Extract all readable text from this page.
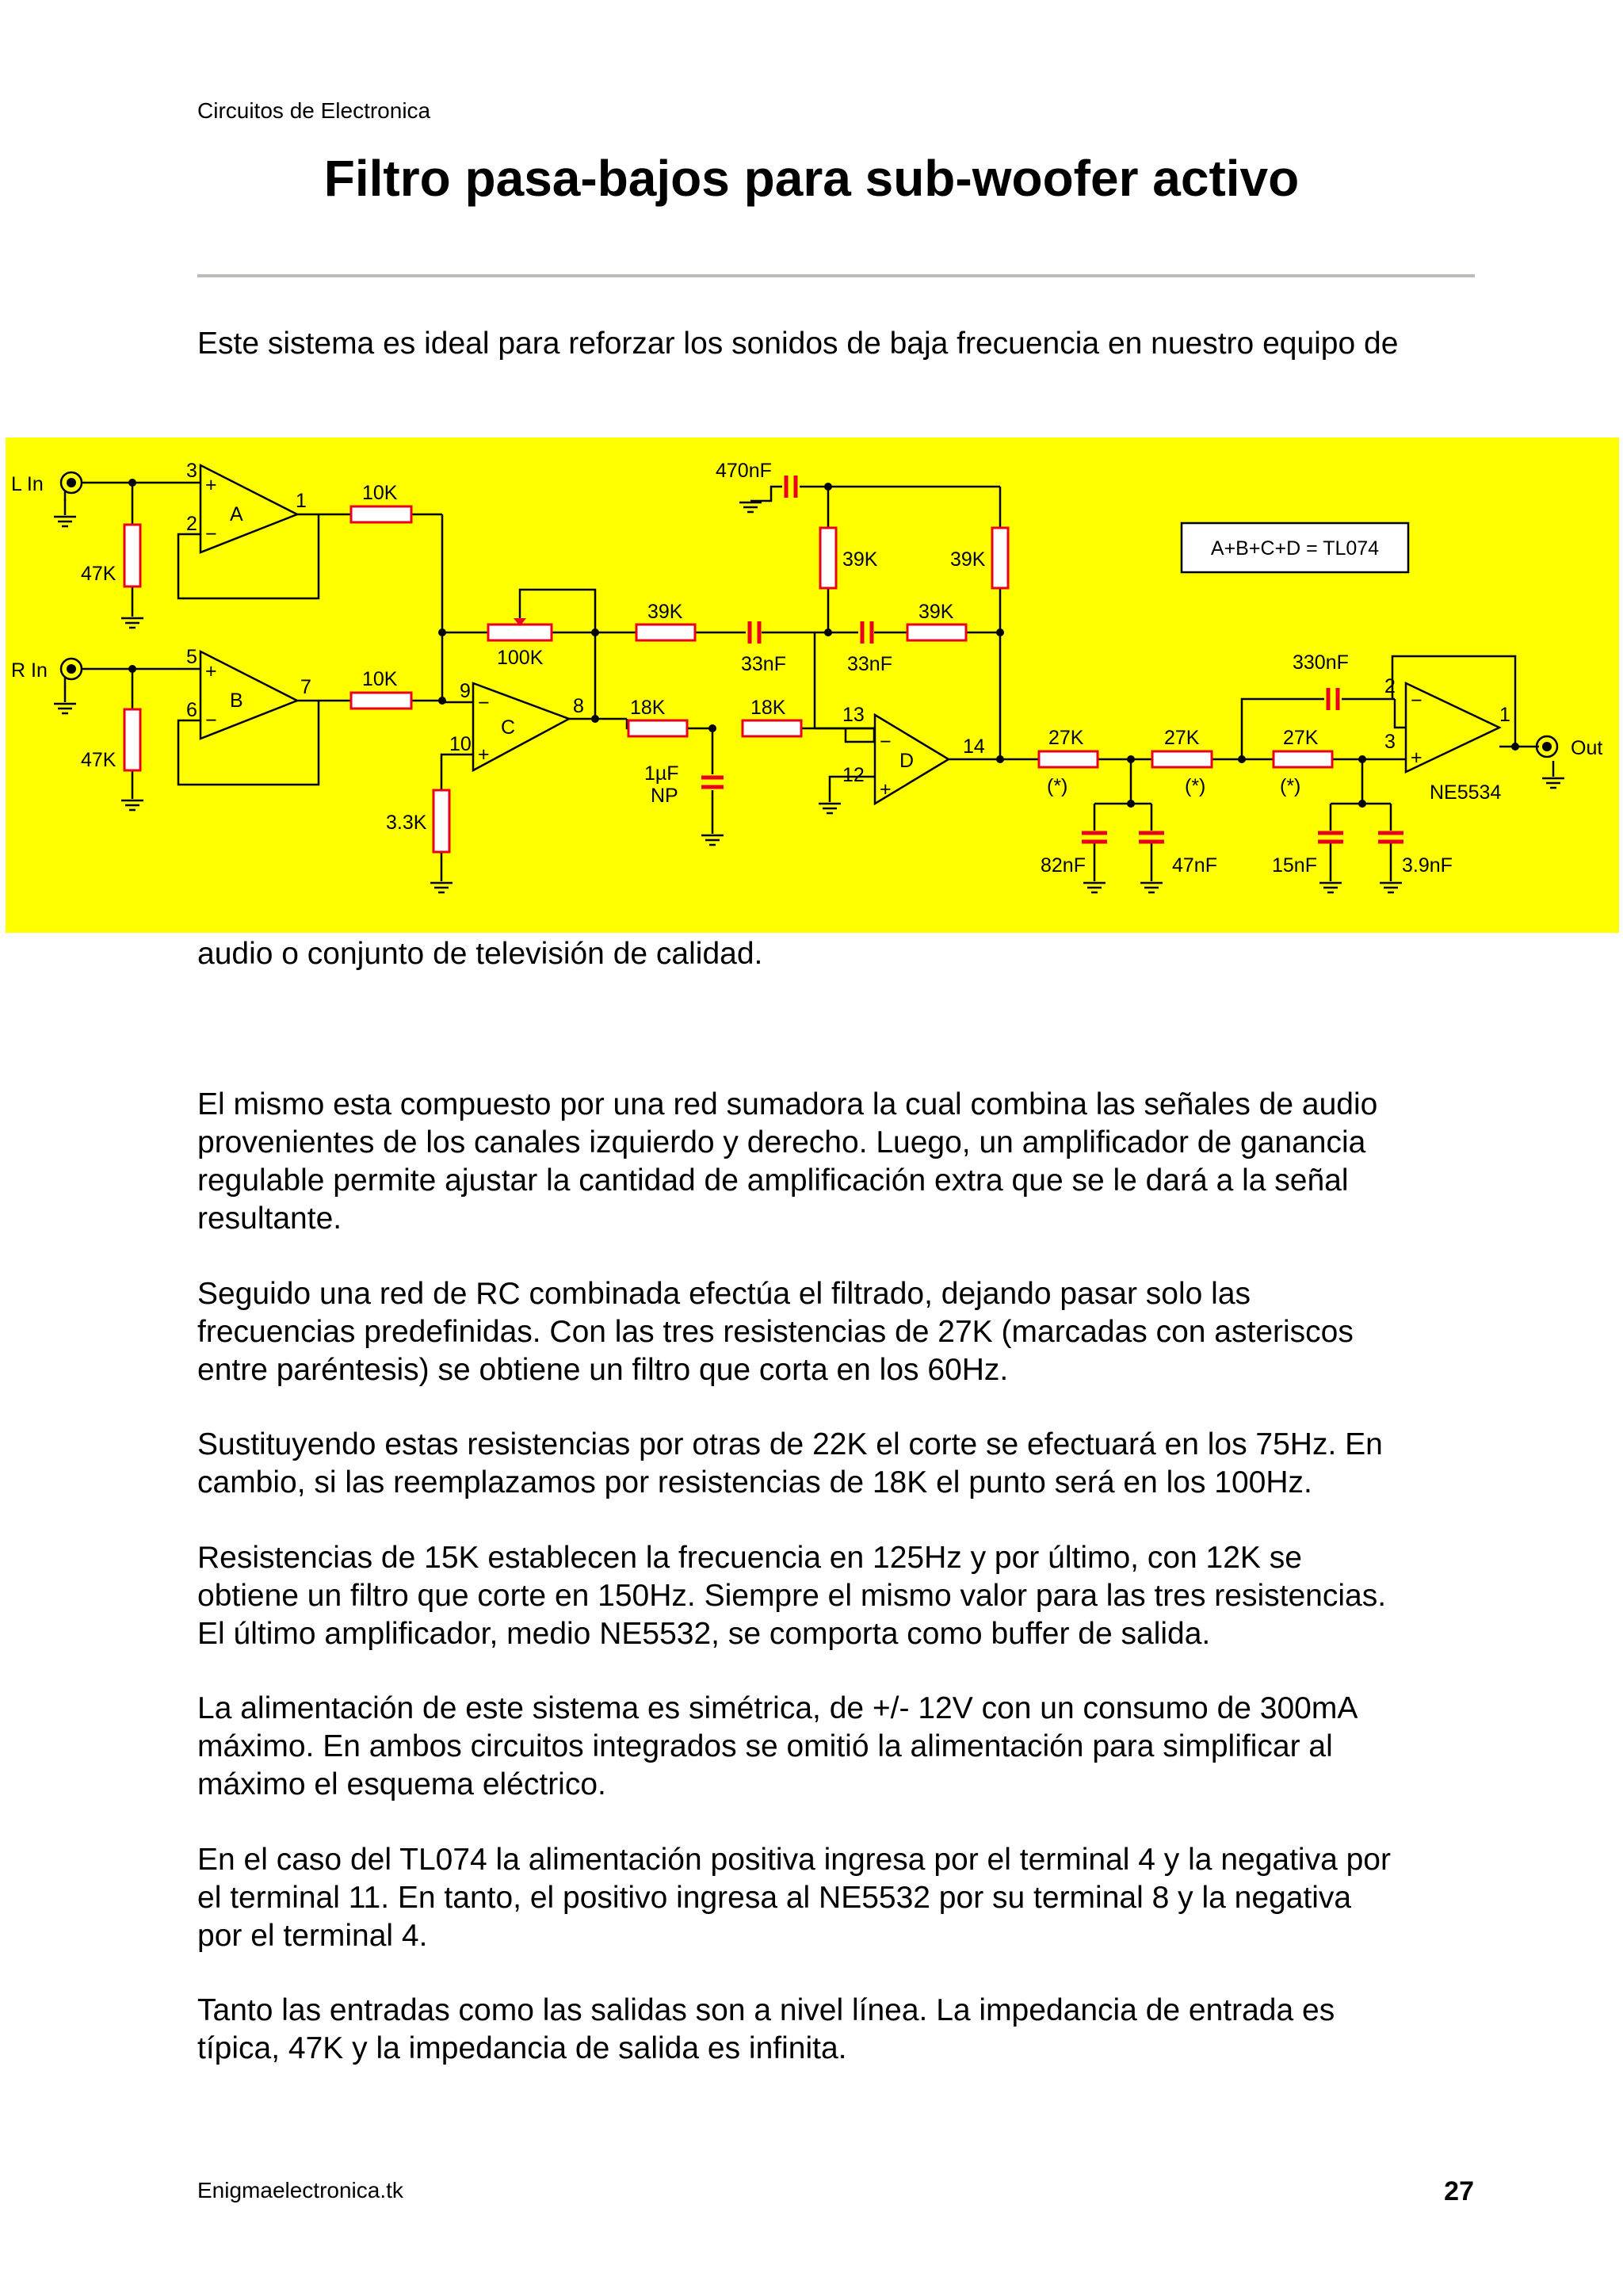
Circuitos de Electronica
Filtro pasa-bajos para sub-woofer activo

Este sistema es ideal para reforzar los sonidos de baja frecuencia en nuestro equipo de

A+B+C+D = TL074
L In
R In
Out
A
B
C
D
NE5534
+
−
+
−
−
+
−
+
−
+
3
2
1
5
6
7	9
10
8	13
12
14
2
3
1
47K
47K
10K
10K
100K
3.3K
39K	39K
39K	39K
18K	18K
27K	27K	27K
(*)	(*)	(*)
470nF
33nF	33nF
1µF
NP
330nF
82nF	47nF	15nF	3.9nF

audio o conjunto de televisión de calidad.

El mismo esta compuesto por una red sumadora la cual combina las señales de audio
provenientes de los canales izquierdo y derecho. Luego, un amplificador de ganancia
regulable permite ajustar la cantidad de amplificación extra que se le dará a la señal
resultante.

Seguido una red de RC combinada efectúa el filtrado, dejando pasar solo las
frecuencias predefinidas. Con las tres resistencias de 27K (marcadas con asteriscos
entre paréntesis) se obtiene un filtro que corta en los 60Hz.

Sustituyendo estas resistencias por otras de 22K el corte se efectuará en los 75Hz. En
cambio, si las reemplazamos por resistencias de 18K el punto será en los 100Hz.

Resistencias de 15K establecen la frecuencia en 125Hz y por último, con 12K se
obtiene un filtro que corte en 150Hz. Siempre el mismo valor para las tres resistencias.
El último amplificador, medio NE5532, se comporta como buffer de salida.

La alimentación de este sistema es simétrica, de +/- 12V con un consumo de 300mA
máximo. En ambos circuitos integrados se omitió la alimentación para simplificar al
máximo el esquema eléctrico.

En el caso del TL074 la alimentación positiva ingresa por el terminal 4 y la negativa por
el terminal 11. En tanto, el positivo ingresa al NE5532 por su terminal 8 y la negativa
por el terminal 4.

Tanto las entradas como las salidas son a nivel línea. La impedancia de entrada es
típica, 47K y la impedancia de salida es infinita.

Enigmaelectronica.tk	27
